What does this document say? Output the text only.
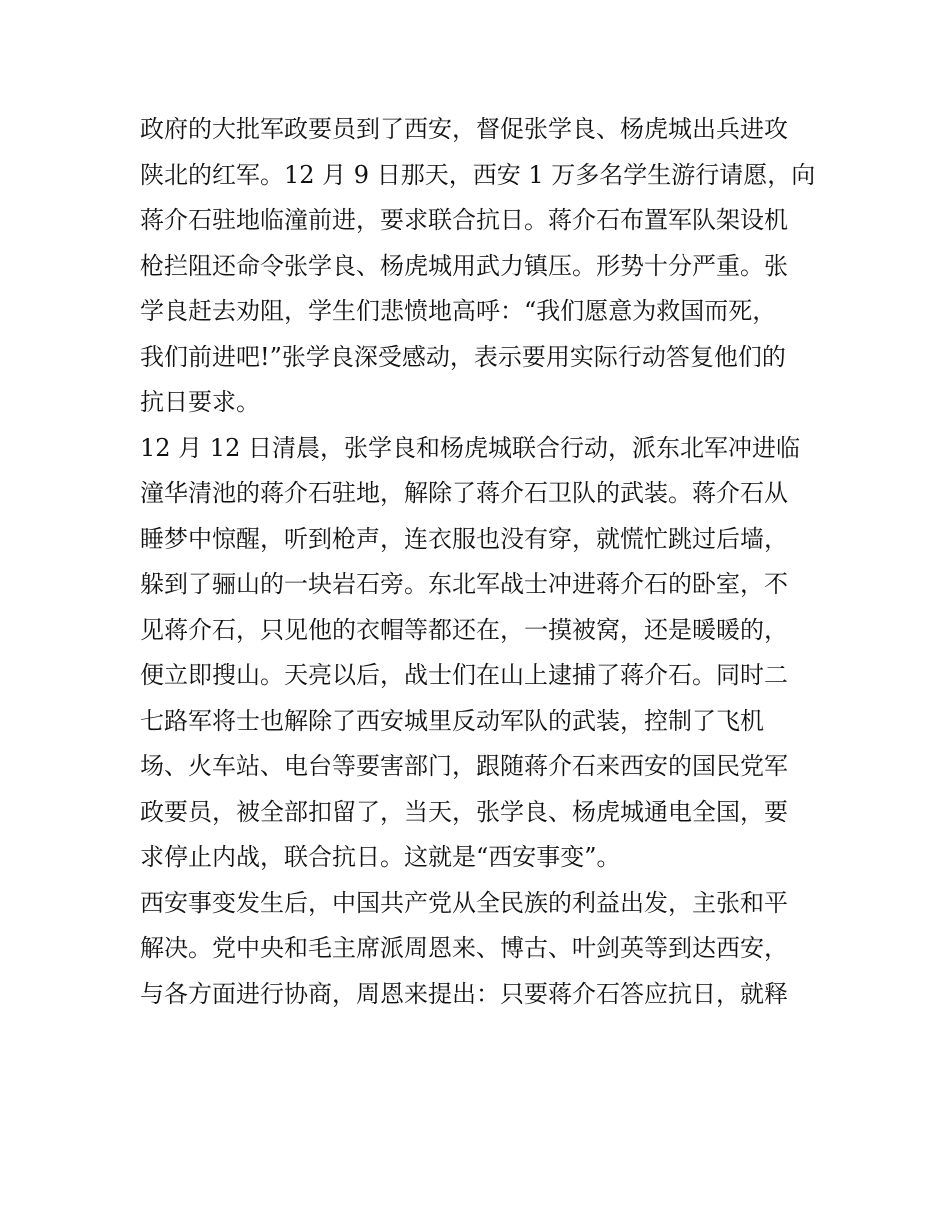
政府的大批军政要员到了西安，督促张学良、杨虎城出兵进攻
陕北的红军。12 月 9 日那天，西安 1 万多名学生游行请愿，向
蒋介石驻地临潼前进，要求联合抗日。蒋介石布置军队架设机
枪拦阻还命令张学良、杨虎城用武力镇压。形势十分严重。张
学良赶去劝阻，学生们悲愤地高呼：“我们愿意为救国而死，
我们前进吧!”张学良深受感动，表示要用实际行动答复他们的
抗日要求。
12 月 12 日清晨，张学良和杨虎城联合行动，派东北军冲进临
潼华清池的蒋介石驻地，解除了蒋介石卫队的武装。蒋介石从
睡梦中惊醒，听到枪声，连衣服也没有穿，就慌忙跳过后墙，
躲到了骊山的一块岩石旁。东北军战士冲进蒋介石的卧室，不
见蒋介石，只见他的衣帽等都还在，一摸被窝，还是暖暖的，
便立即搜山。天亮以后，战士们在山上逮捕了蒋介石。同时二
七路军将士也解除了西安城里反动军队的武装，控制了飞机
场、火车站、电台等要害部门，跟随蒋介石来西安的国民党军
政要员，被全部扣留了，当天，张学良、杨虎城通电全国，要
求停止内战，联合抗日。这就是“西安事变”。
西安事变发生后，中国共产党从全民族的利益出发，主张和平
解决。党中央和毛主席派周恩来、博古、叶剑英等到达西安，
与各方面进行协商，周恩来提出：只要蒋介石答应抗日，就释
